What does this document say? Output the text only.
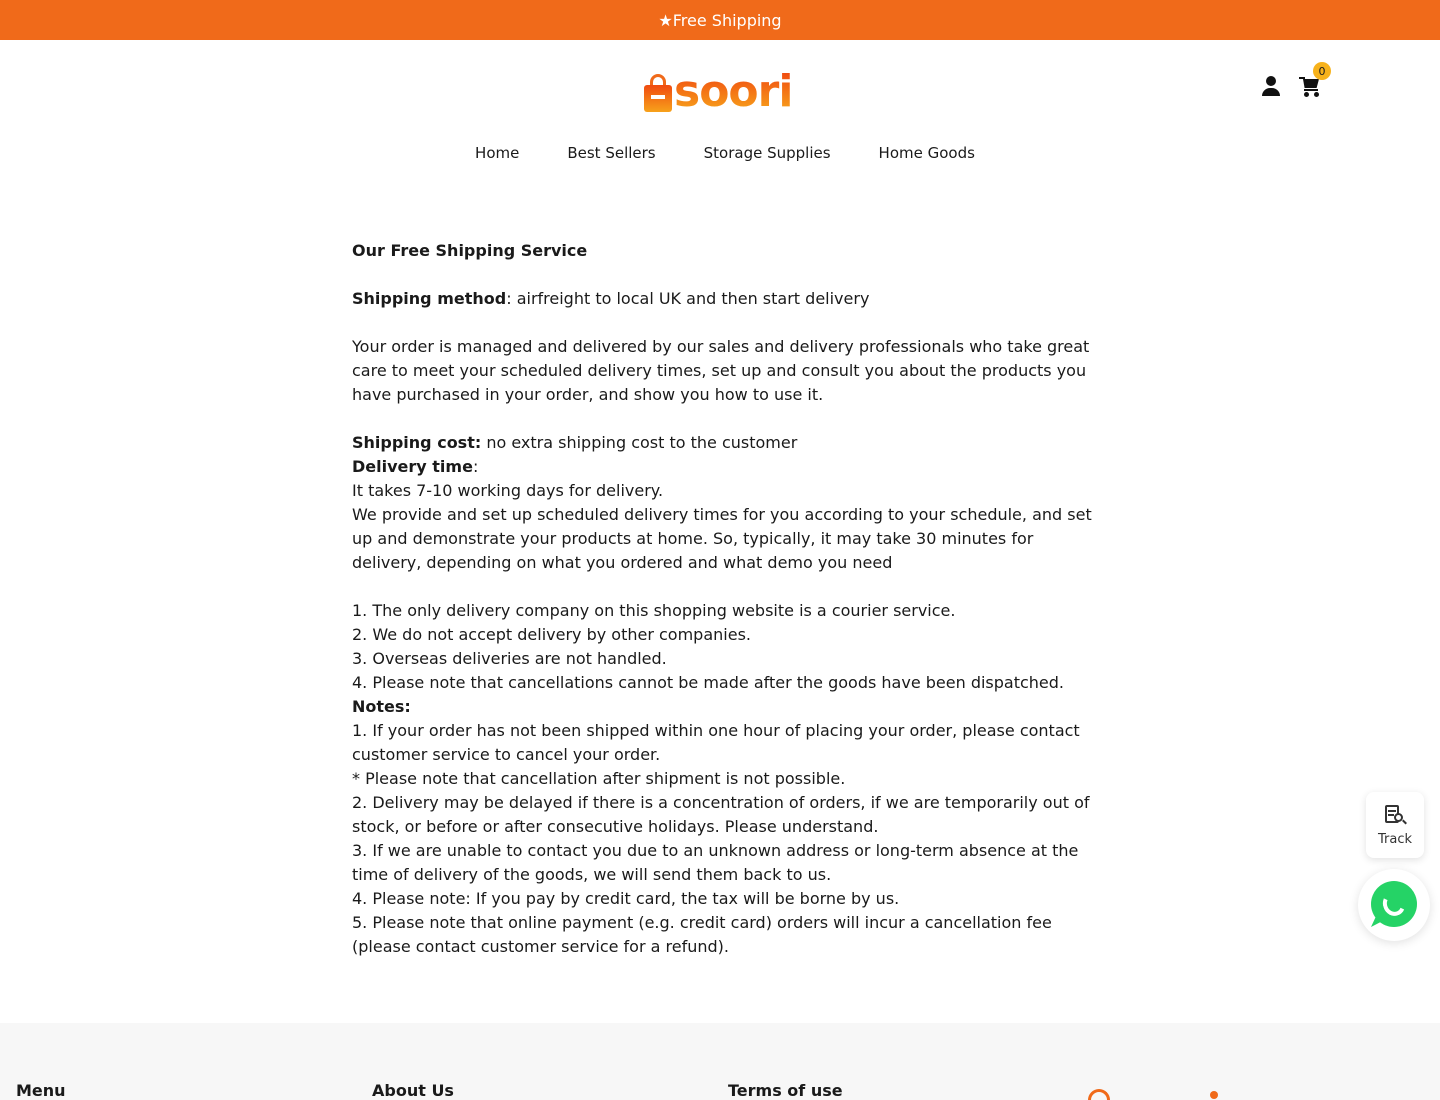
★Free Shipping
soori	0
Home	Best Sellers	Storage Supplies	Home Goods

Our Free Shipping Service

Shipping method: airfreight to local UK and then start delivery

Your order is managed and delivered by our sales and delivery professionals who take great care to meet your scheduled delivery times, set up and consult you about the products you have purchased in your order, and show you how to use it.

Shipping cost: no extra shipping cost to the customer

Delivery time:

It takes 7-10 working days for delivery.

We provide and set up scheduled delivery times for you according to your schedule, and set up and demonstrate your products at home. So, typically, it may take 30 minutes for delivery, depending on what you ordered and what demo you need

1. The only delivery company on this shopping website is a courier service.

2. We do not accept delivery by other companies.

3. Overseas deliveries are not handled.

4. Please note that cancellations cannot be made after the goods have been dispatched.

Notes:

1. If your order has not been shipped within one hour of placing your order, please contact customer service to cancel your order.

* Please note that cancellation after shipment is not possible.

2. Delivery may be delayed if there is a concentration of orders, if we are temporarily out of stock, or before or after consecutive holidays. Please understand.

3. If we are unable to contact you due to an unknown address or long-term absence at the time of delivery of the goods, we will send them back to us.

4. Please note: If you pay by credit card, the tax will be borne by us.

5. Please note that online payment (e.g. credit card) orders will incur a cancellation fee (please contact customer service for a refund).

Menu	About Us	Terms of use
Track
